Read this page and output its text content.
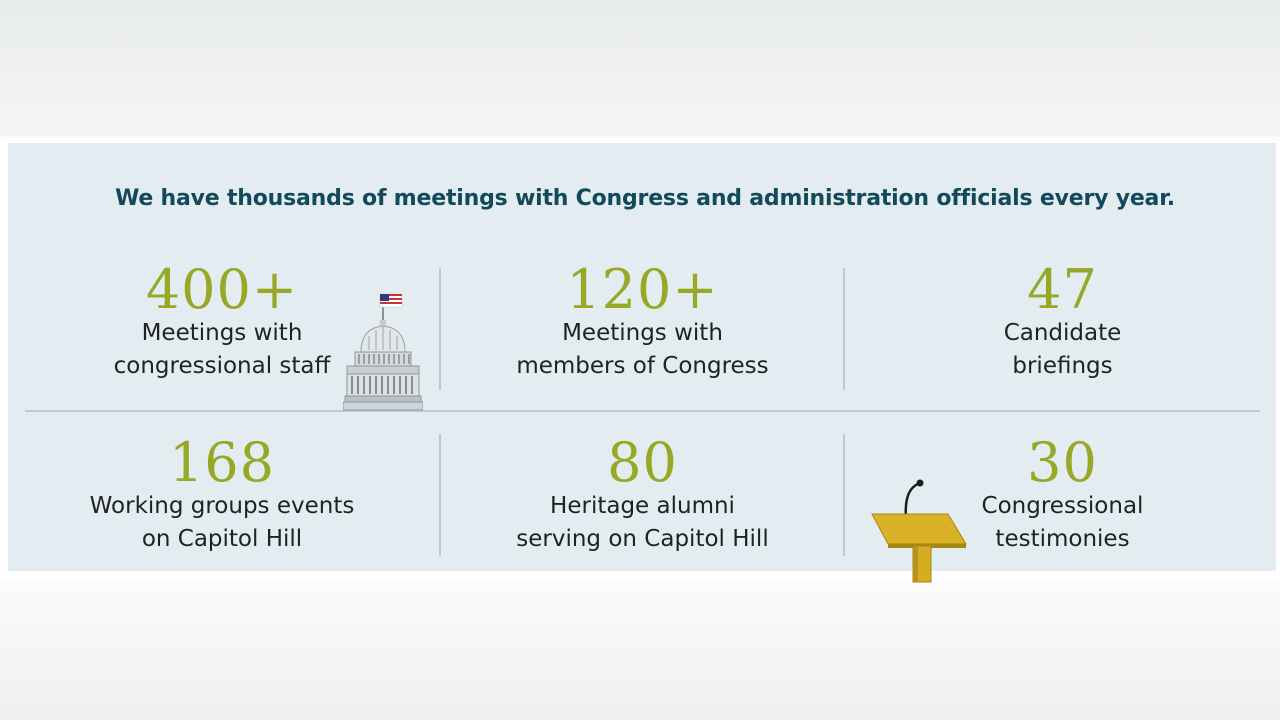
We have thousands of meetings with Congress and administration officials every year.
400+
Meetings with
congressional staff
120+
Meetings with
members of Congress
47
Candidate
briefings
168
Working groups events
on Capitol Hill
80
Heritage alumni
serving on Capitol Hill
30
Congressional
testimonies
